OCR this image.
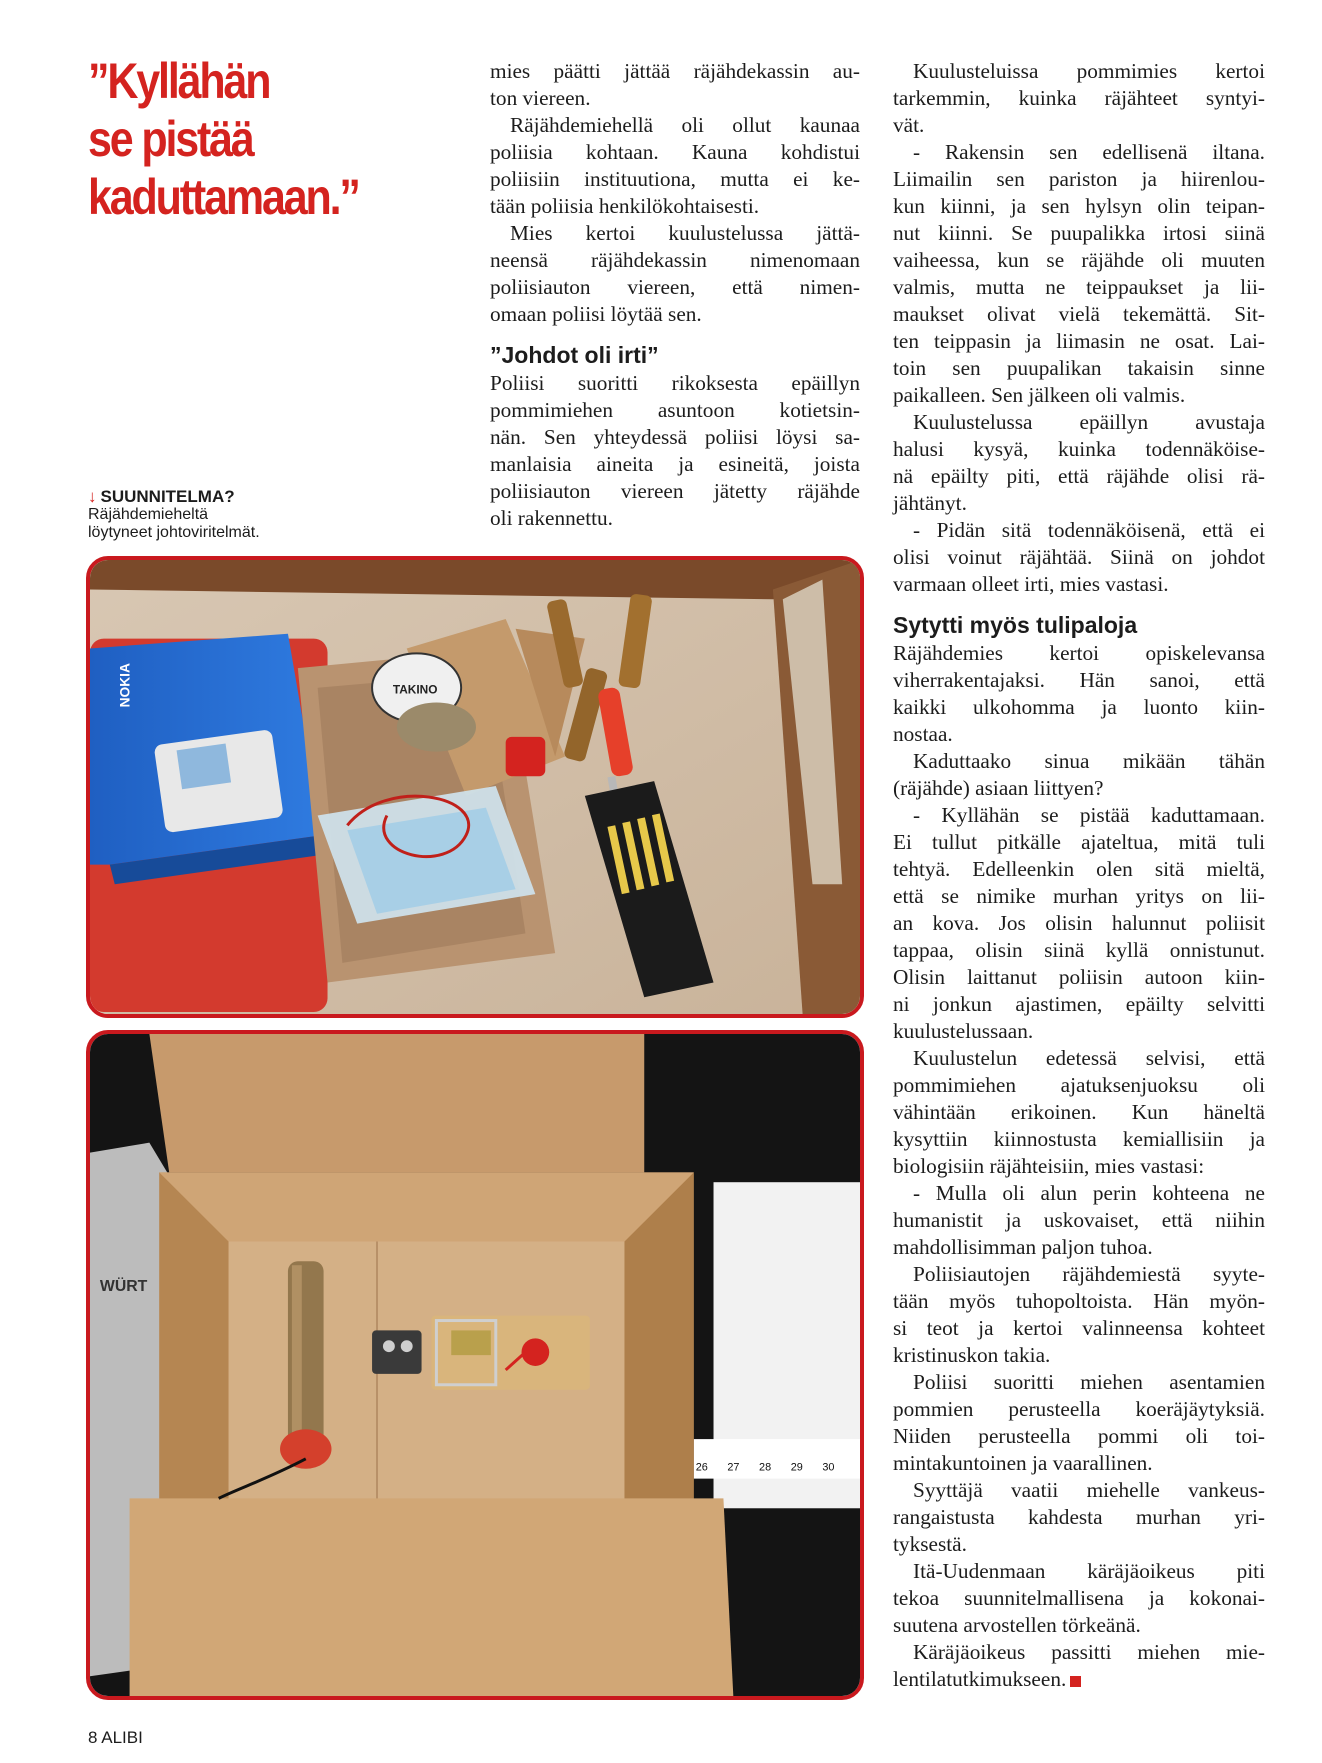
”Kyllähän
se pistää
kaduttamaan.”
↓ SUUNNITELMA?
Räjähdemieheltä
löytyneet johtoviritelmät.
mies päätti jättää räjähdekassin au-
ton viereen.
Räjähdemiehellä oli ollut kaunaa
poliisia kohtaan. Kauna kohdistui
poliisiin instituutiona, mutta ei ke-
tään poliisia henkilökohtaisesti.
Mies kertoi kuulustelussa jättä-
neensä räjähdekassin nimenomaan
poliisiauton viereen, että nimen-
omaan poliisi löytää sen.
”Johdot oli irti”
Poliisi suoritti rikoksesta epäillyn
pommimiehen asuntoon kotietsin-
nän. Sen yhteydessä poliisi löysi sa-
manlaisia aineita ja esineitä, joista
poliisiauton viereen jätetty räjähde
oli rakennettu.
Kuulusteluissa pommimies kertoi
tarkemmin, kuinka räjähteet syntyi-
vät.
- Rakensin sen edellisenä iltana.
Liimailin sen pariston ja hiirenlou-
kun kiinni, ja sen hylsyn olin teipan-
nut kiinni. Se puupalikka irtosi siinä
vaiheessa, kun se räjähde oli muuten
valmis, mutta ne teippaukset ja lii-
maukset olivat vielä tekemättä. Sit-
ten teippasin ja liimasin ne osat. Lai-
toin sen puupalikan takaisin sinne
paikalleen. Sen jälkeen oli valmis.
Kuulustelussa epäillyn avustaja
halusi kysyä, kuinka todennäköise-
nä epäilty piti, että räjähde olisi rä-
jähtänyt.
- Pidän sitä todennäköisenä, että ei
olisi voinut räjähtää. Siinä on johdot
varmaan olleet irti, mies vastasi.
Sytytti myös tulipaloja
Räjähdemies kertoi opiskelevansa
viherrakentajaksi. Hän sanoi, että
kaikki ulkohomma ja luonto kiin-
nostaa.
Kaduttaako sinua mikään tähän
(räjähde) asiaan liittyen?
- Kyllähän se pistää kaduttamaan.
Ei tullut pitkälle ajateltua, mitä tuli
tehtyä. Edelleenkin olen sitä mieltä,
että se nimike murhan yritys on lii-
an kova. Jos olisin halunnut poliisit
tappaa, olisin siinä kyllä onnistunut.
Olisin laittanut poliisin autoon kiin-
ni jonkun ajastimen, epäilty selvitti
kuulustelussaan.
Kuulustelun edetessä selvisi, että
pommimiehen ajatuksenjuoksu oli
vähintään erikoinen. Kun häneltä
kysyttiin kiinnostusta kemiallisiin ja
biologisiin räjähteisiin, mies vastasi:
- Mulla oli alun perin kohteena ne
humanistit ja uskovaiset, että niihin
mahdollisimman paljon tuhoa.
Poliisiautojen räjähdemiestä syyte-
tään myös tuhopoltoista. Hän myön-
si teot ja kertoi valinneensa kohteet
kristinuskon takia.
Poliisi suoritti miehen asentamien
pommien perusteella koeräjäytyksiä.
Niiden perusteella pommi oli toi-
mintakuntoinen ja vaarallinen.
Syyttäjä vaatii miehelle vankeus-
rangaistusta kahdesta murhan yri-
tyksestä.
Itä-Uudenmaan käräjäoikeus piti
tekoa suunnitelmallisena ja kokonai-
suutena arvostellen törkeänä.
Käräjäoikeus passitti miehen mie-
lentilatutkimukseen.
NOKIA	TAKINO
WÜRT
26 27 28 29 30
8 ALIBI
